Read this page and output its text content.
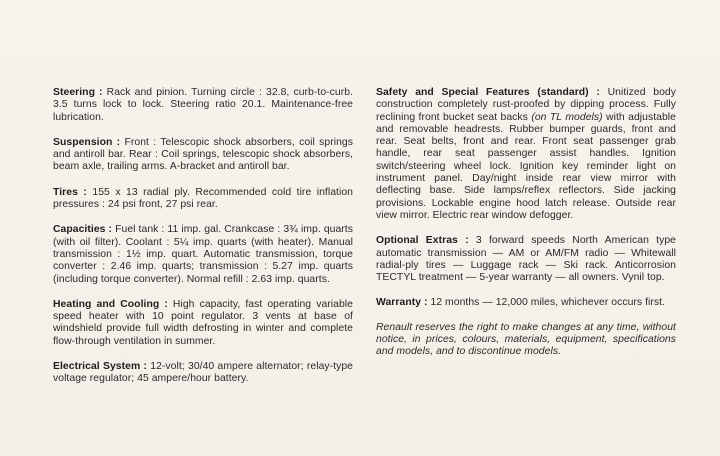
Steering : Rack and pinion. Turning circle : 32.8, curb-to-curb. 3.5 turns lock to lock. Steering ratio 20.1. Maintenance-free lubrication.

Suspension : Front : Telescopic shock absorbers, coil springs and antiroll bar. Rear : Coil springs, telescopic shock absorbers, beam axle, trailing arms. A-bracket and antiroll bar.

Tires : 155 x 13 radial ply. Recommended cold tire inflation pressures : 24 psi front, 27 psi rear.

Capacities : Fuel tank : 11 imp. gal. Crankcase : 3¾ imp. quarts (with oil filter). Coolant : 5¼ imp. quarts (with heater). Manual transmission : 1½ imp. quart. Automatic transmission, torque converter : 2.46 imp. quarts; transmission : 5.27 imp. quarts (including torque converter). Normal refill : 2.63 imp. quarts.

Heating and Cooling : High capacity, fast operating variable speed heater with 10 point regulator. 3 vents at base of windshield provide full width defrosting in winter and complete flow-through ventilation in summer.

Electrical System : 12-volt; 30/40 ampere alternator; relay-type voltage regulator; 45 ampere/hour battery.

Safety and Special Features (standard) : Unitized body construction completely rust-proofed by dipping process. Fully reclining front bucket seat backs (on TL models) with adjustable and removable headrests. Rubber bumper guards, front and rear. Seat belts, front and rear. Front seat passenger grab handle, rear seat passenger assist handles. Ignition switch/steering wheel lock. Ignition key reminder light on instrument panel. Day/night inside rear view mirror with deflecting base. Side lamps/reflex reflectors. Side jacking provisions. Lockable engine hood latch release. Outside rear view mirror. Electric rear window defogger.

Optional Extras : 3 forward speeds North American type automatic transmission — AM or AM/FM radio — Whitewall radial-ply tires — Luggage rack — Ski rack. Anticorrosion TECTYL treatment — 5-year warranty — all owners. Vynil top.

Warranty : 12 months — 12,000 miles, whichever occurs first.

Renault reserves the right to make changes at any time, without notice, in prices, colours, materials, equipment, specifications and models, and to discontinue models.
